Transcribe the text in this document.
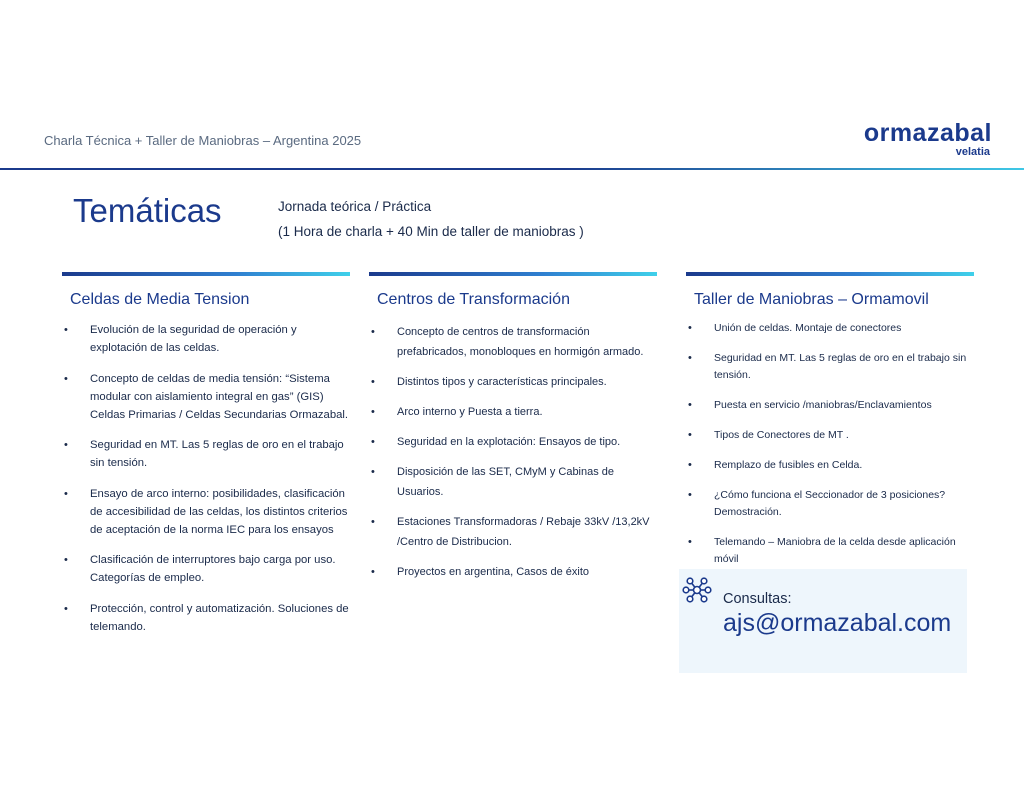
Charla Técnica + Taller de Maniobras – Argentina 2025	ormazabal
velatia
Temáticas	Jornada teórica / Práctica
(1 Hora de charla + 40 Min de taller de maniobras )
Celdas de Media Tension
• Evolución de la seguridad de operación y explotación de las celdas.
• Concepto de celdas de media tensión: “Sistema modular con aislamiento integral en gas” (GIS) Celdas Primarias / Celdas Secundarias Ormazabal.
• Seguridad en MT. Las 5 reglas de oro en el trabajo sin tensión.
• Ensayo de arco interno: posibilidades, clasificación de accesibilidad de las celdas, los distintos criterios de aceptación de la norma IEC para los ensayos
• Clasificación de interruptores bajo carga por uso. Categorías de empleo.
• Protección, control y automatización. Soluciones de telemando.
Centros de Transformación
• Concepto de centros de transformación prefabricados, monobloques en hormigón armado.
• Distintos tipos y características principales.
• Arco interno y Puesta a tierra.
• Seguridad en la explotación: Ensayos de tipo.
• Disposición de las SET, CMyM y Cabinas de Usuarios.
• Estaciones Transformadoras / Rebaje 33kV /13,2kV /Centro de Distribucion.
• Proyectos en argentina, Casos de éxito
Taller de Maniobras – Ormamovil
• Unión de celdas. Montaje de conectores
• Seguridad en MT. Las 5 reglas de oro en el trabajo sin tensión.
• Puesta en servicio /maniobras/Enclavamientos
• Tipos de Conectores de MT .
• Remplazo de fusibles en Celda.
• ¿Cómo funciona el Seccionador de 3 posiciones? Demostración.
• Telemando – Maniobra de la celda desde aplicación móvil
Consultas:
ajs@ormazabal.com
